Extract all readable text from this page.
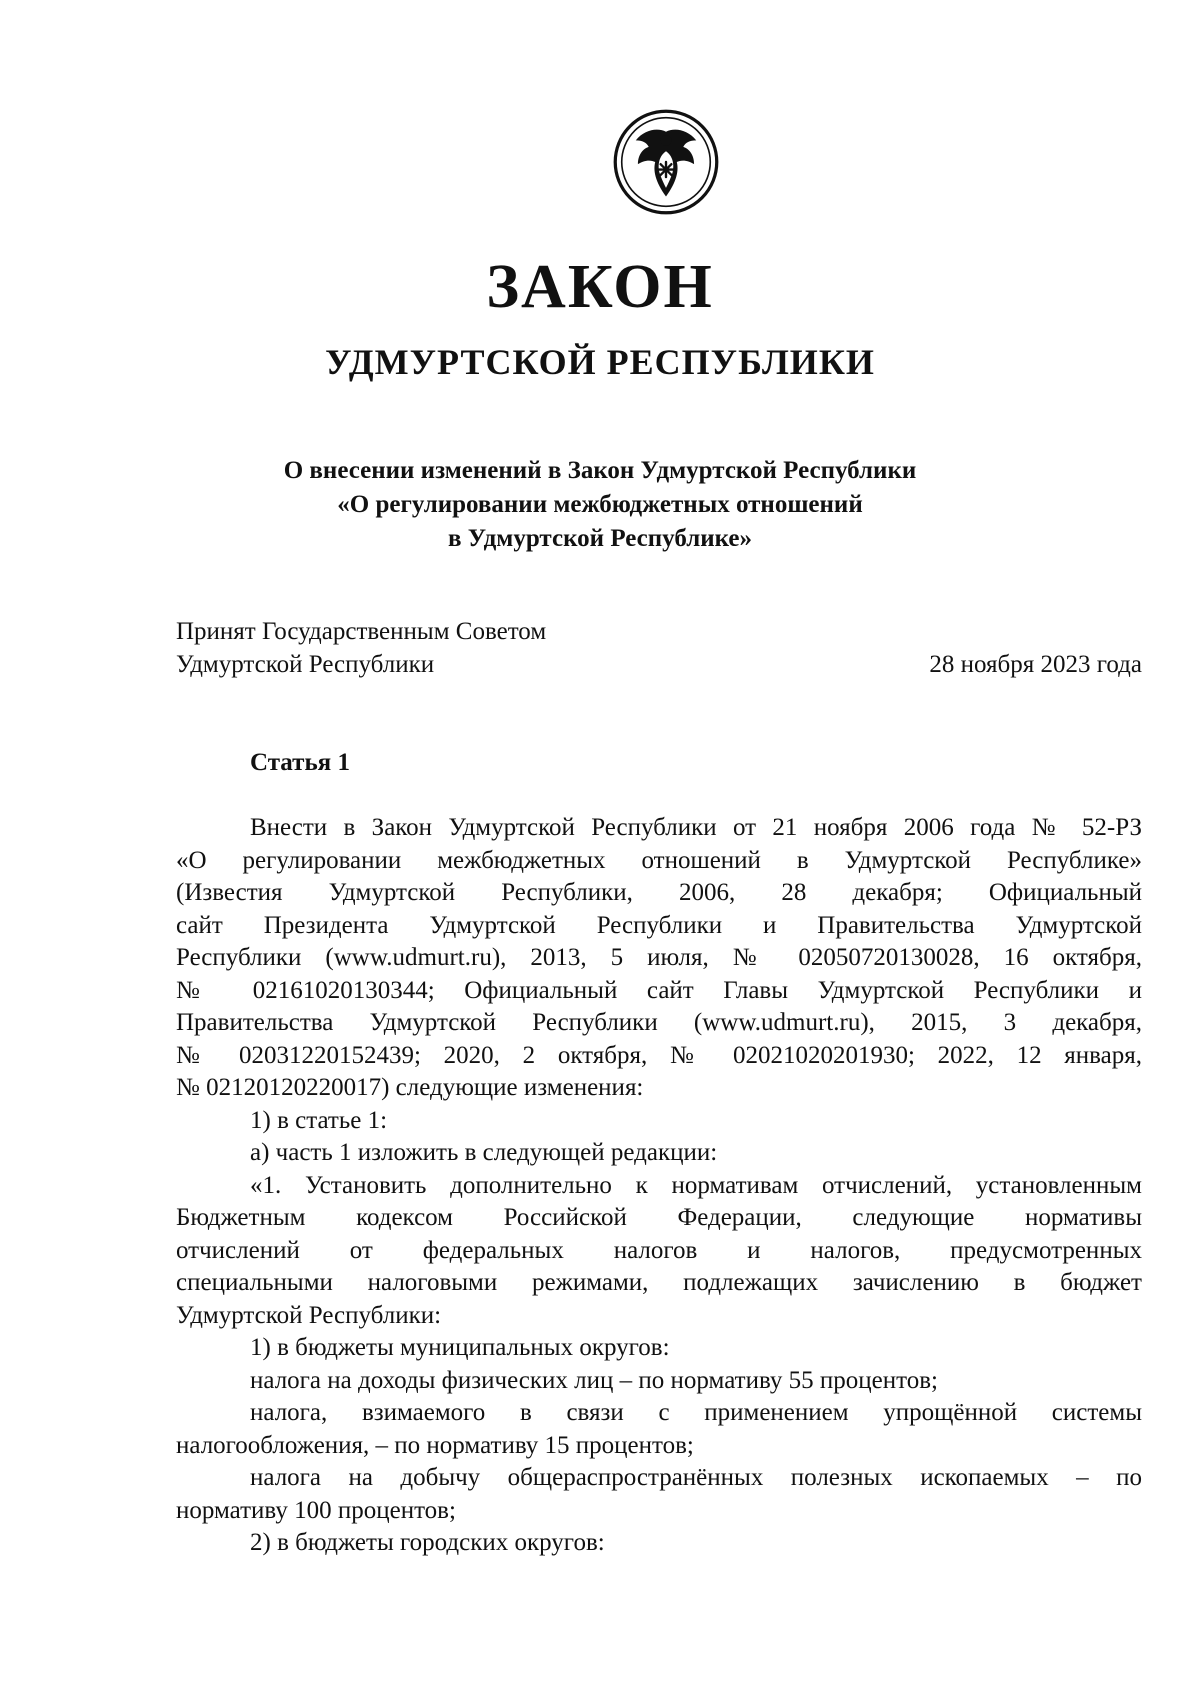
ЗАКОН
УДМУРТСКОЙ РЕСПУБЛИКИ
О внесении изменений в Закон Удмуртской Республики
«О регулировании межбюджетных отношений
в Удмуртской Республике»
Принят Государственным Советом
Удмуртской Республики	28 ноября 2023 года
Статья 1
Внести в Закон Удмуртской Республики от 21 ноября 2006 года № 52-РЗ
«О регулировании межбюджетных отношений в Удмуртской Республике»
(Известия Удмуртской Республики, 2006, 28 декабря; Официальный
сайт Президента Удмуртской Республики и Правительства Удмуртской
Республики (www.udmurt.ru), 2013, 5 июля, № 02050720130028, 16 октября,
№ 02161020130344; Официальный сайт Главы Удмуртской Республики и
Правительства Удмуртской Республики (www.udmurt.ru), 2015, 3 декабря,
№ 02031220152439; 2020, 2 октября, № 02021020201930; 2022, 12 января,
№ 02120120220017) следующие изменения:
1) в статье 1:
а) часть 1 изложить в следующей редакции:
«1. Установить дополнительно к нормативам отчислений, установленным
Бюджетным кодексом Российской Федерации, следующие нормативы
отчислений от федеральных налогов и налогов, предусмотренных
специальными налоговыми режимами, подлежащих зачислению в бюджет
Удмуртской Республики:
1) в бюджеты муниципальных округов:
налога на доходы физических лиц – по нормативу 55 процентов;
налога, взимаемого в связи с применением упрощённой системы
налогообложения, – по нормативу 15 процентов;
налога на добычу общераспространённых полезных ископаемых – по
нормативу 100 процентов;
2) в бюджеты городских округов:
